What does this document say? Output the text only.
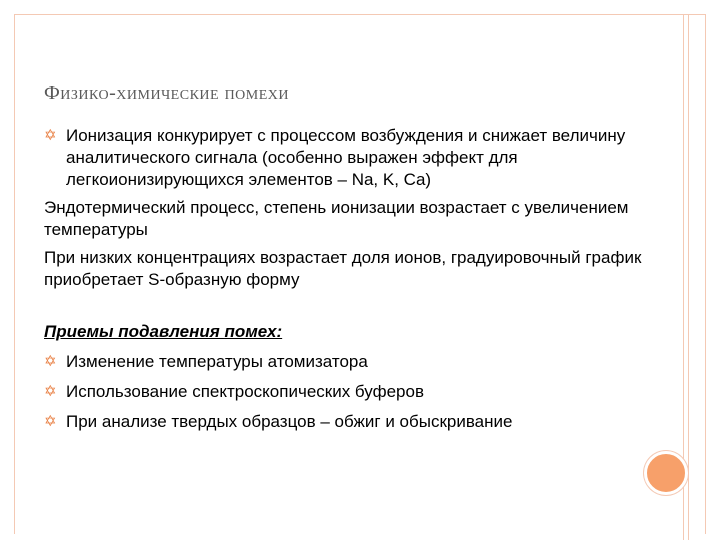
Физико-химические помехи
✡ Ионизация конкурирует с процессом возбуждения и снижает величину аналитического сигнала (особенно выражен эффект для легкоионизирующихся элементов – Na, K, Ca)
Эндотермический процесс, степень ионизации возрастает с увеличением температуры
При низких концентрациях возрастает доля ионов, градуировочный график приобретает S-образную форму
Приемы подавления помех:
✡ Изменение температуры атомизатора
✡ Использование спектроскопических буферов
✡ При анализе твердых образцов – обжиг и обыскривание
